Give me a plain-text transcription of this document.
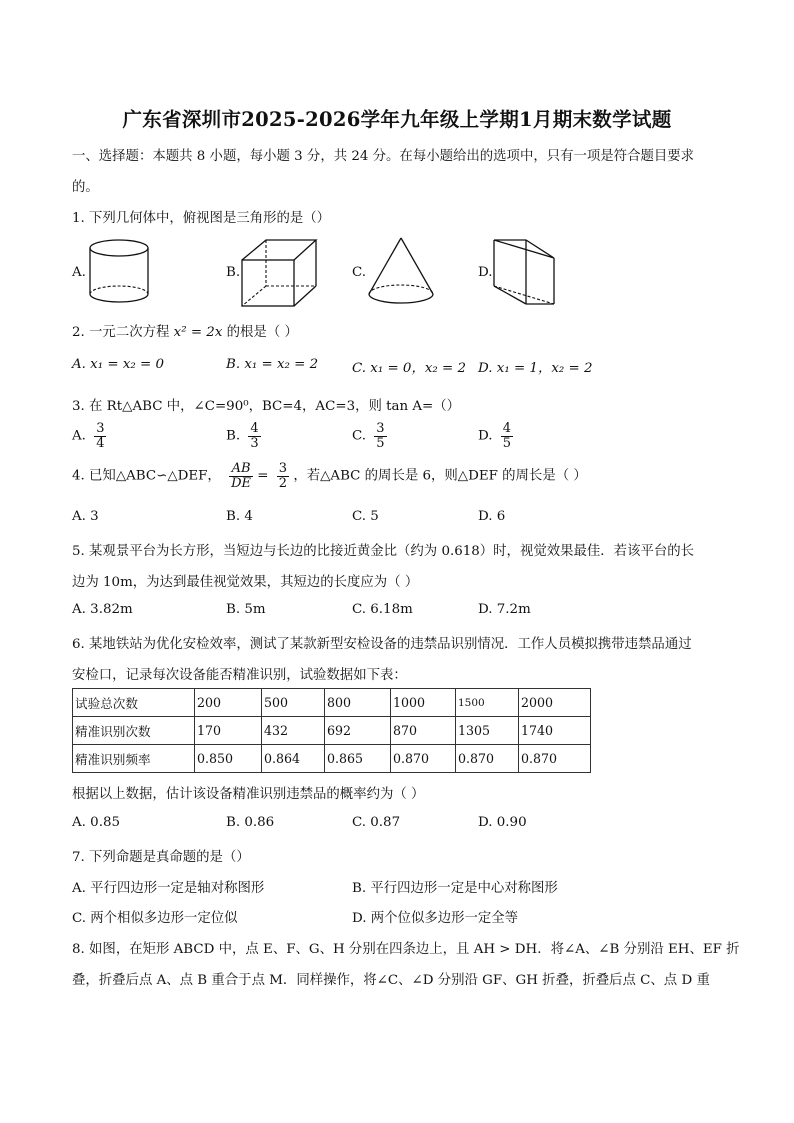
广东省深圳市2025-2026学年九年级上学期1月期末数学试题
一、选择题：本题共 8 小题，每小题 3 分，共 24 分。在每小题给出的选项中，只有一项是符合题目要求
的。
1. 下列几何体中，俯视图是三角形的是（）
A.	B.	C.	D.
2. 一元二次方程 x² = 2x 的根是（ ）
A. x₁ = x₂ = 0	B. x₁ = x₂ = 2	C. x₁ = 0，x₂ = 2 D. x₁ = 1，x₂ = 2
3. 在 Rt△ABC 中，∠C=90⁰，BC=4，AC=3，则 tan A=（）
A. $\frac{3}{4}$	B. $\frac{4}{3}$	C. $\frac{3}{5}$	D. $\frac{4}{5}$
4. 已知△ABC∽△DEF， $\frac{AB}{DE} = \frac{3}{2}$ ，若△ABC 的周长是 6，则△DEF 的周长是（ ）
A. 3	B. 4	C. 5	D. 6
5. 某观景平台为长方形，当短边与长边的比接近黄金比（约为 0.618）时，视觉效果最佳．若该平台的长
边为 10m，为达到最佳视觉效果，其短边的长度应为（ ）
A. 3.82m	B. 5m	C. 6.18m	D. 7.2m
6. 某地铁站为优化安检效率，测试了某款新型安检设备的违禁品识别情况．工作人员模拟携带违禁品通过
安检口，记录每次设备能否精准识别，试验数据如下表：
试验总次数	200	500	800	1000	1500	2000
精准识别次数	170	432	692	870	1305	1740
精准识别频率	0.850	0.864	0.865	0.870	0.870	0.870
根据以上数据，估计该设备精准识别违禁品的概率约为（ ）
A. 0.85	B. 0.86	C. 0.87	D. 0.90
7. 下列命题是真命题的是（）
A. 平行四边形一定是轴对称图形	B. 平行四边形一定是中心对称图形
C. 两个相似多边形一定位似	D. 两个位似多边形一定全等
8. 如图，在矩形 ABCD 中，点 E、F、G、H 分别在四条边上，且 AH > DH．将∠A、∠B 分别沿 EH、EF 折
叠，折叠后点 A、点 B 重合于点 M．同样操作，将∠C、∠D 分别沿 GF、GH 折叠，折叠后点 C、点 D 重
